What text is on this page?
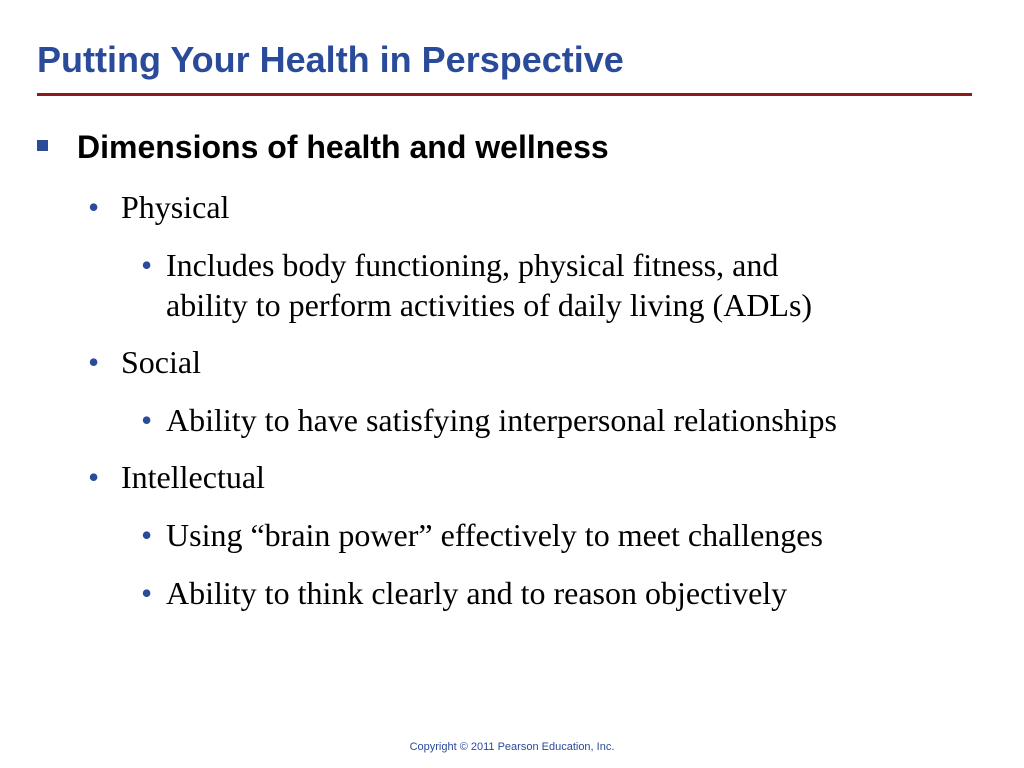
Putting Your Health in Perspective
Dimensions of health and wellness
• Physical
• Includes body functioning, physical fitness, and
ability to perform activities of daily living (ADLs)
• Social
• Ability to have satisfying interpersonal relationships
• Intellectual
• Using “brain power” effectively to meet challenges
• Ability to think clearly and to reason objectively
Copyright © 2011 Pearson Education, Inc.
